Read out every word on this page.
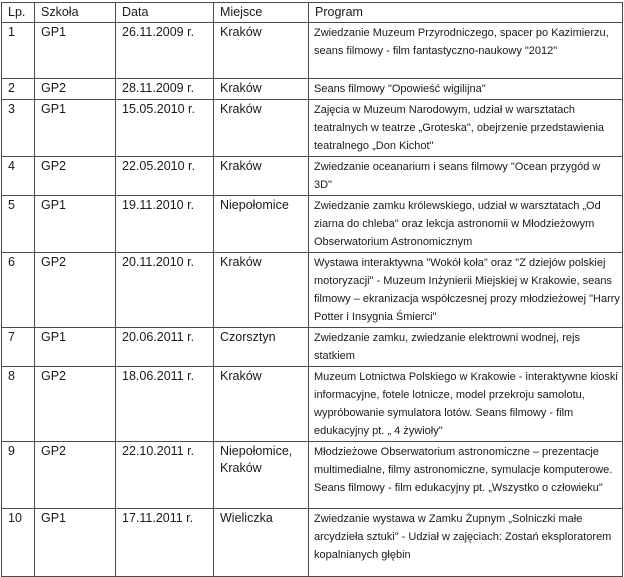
Lp.	Szkoła	Data	Miejsce	Program
1	GP1	26.11.2009 r.	Kraków	Zwiedzanie Muzeum Przyrodniczego, spacer po Kazimierzu, seans filmowy - film fantastyczno-naukowy "2012"
2	GP2	28.11.2009 r.	Kraków	Seans filmowy "Opowieść wigilijna"
3	GP1	15.05.2010 r.	Kraków	Zajęcia w Muzeum Narodowym, udział w warsztatach teatralnych w teatrze „Groteska", obejrzenie przedstawienia teatralnego „Don Kichot"
4	GP2	22.05.2010 r.	Kraków	Zwiedzanie oceanarium i seans filmowy "Ocean przygód w 3D"
5	GP1	19.11.2010 r.	Niepołomice	Zwiedzanie zamku królewskiego, udział w warsztatach „Od ziarna do chleba" oraz lekcja astronomii w Młodzieżowym Obserwatorium Astronomicznym
6	GP2	20.11.2010 r.	Kraków	Wystawa interaktywna "Wokół koła" oraz "Z dziejów polskiej motoryzacji" - Muzeum Inżynierii Miejskiej w Krakowie, seans filmowy – ekranizacja współczesnej prozy młodzieżowej "Harry Potter i Insygnia Śmierci"
7	GP1	20.06.2011 r.	Czorsztyn	Zwiedzanie zamku, zwiedzanie elektrowni wodnej, rejs statkiem
8	GP2	18.06.2011 r.	Kraków	Muzeum Lotnictwa Polskiego w Krakowie - interaktywne kioski informacyjne, fotele lotnicze, model przekroju samolotu, wypróbowanie symulatora lotów. Seans filmowy - film edukacyjny pt. „ 4 żywioły"
9	GP2	22.10.2011 r.	Niepołomice, Kraków	Młodzieżowe Obserwatorium astronomiczne – prezentacje multimedialne, filmy astronomiczne, symulacje komputerowe. Seans filmowy - film edukacyjny pt. „Wszystko o człowieku"
10	GP1	17.11.2011 r.	Wieliczka	Zwiedzanie wystawa w Zamku Żupnym „Solniczki małe arcydzieła sztuki" - Udział w zajęciach: Zostań eksploratorem kopalnianych głębin
